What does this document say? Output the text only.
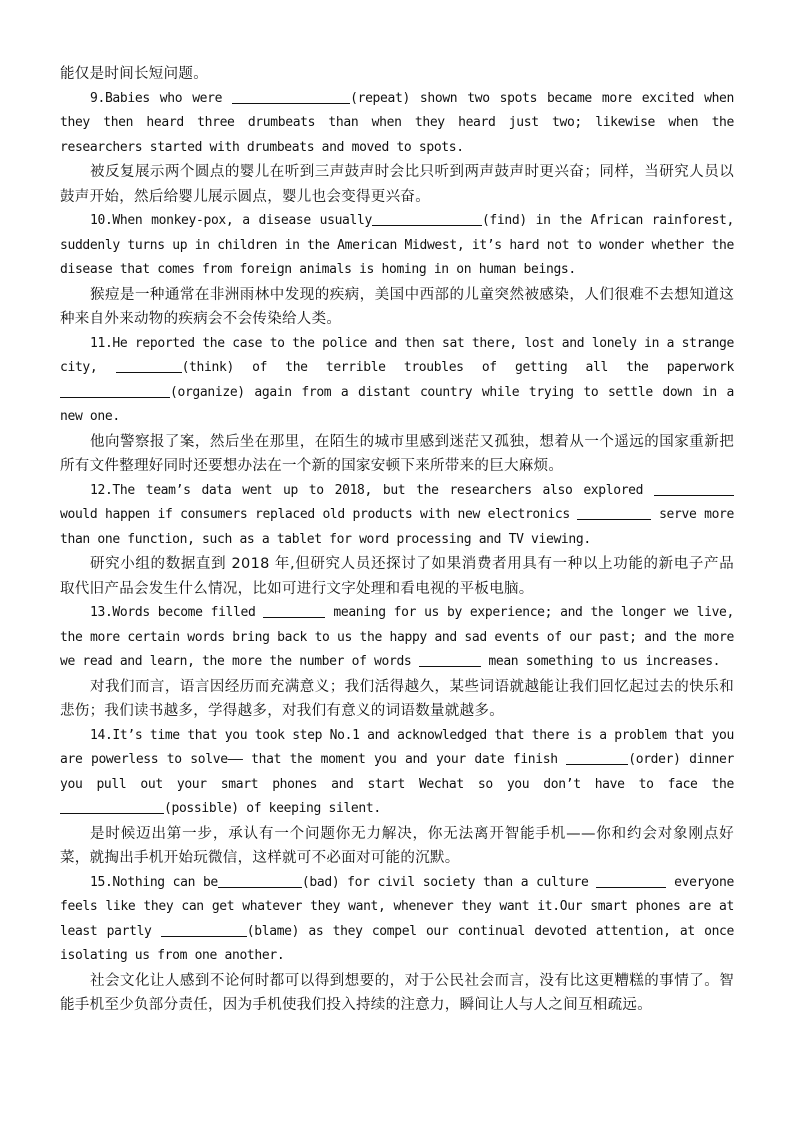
能仅是时间长短问题。

9.Babies who were	(repeat) shown two spots became more excited when they then heard three drumbeats than when they heard just two; likewise when the researchers started with drumbeats and moved to spots.

被反复展示两个圆点的婴儿在听到三声鼓声时会比只听到两声鼓声时更兴奋；同样，当研究人员以鼓声开始，然后给婴儿展示圆点，婴儿也会变得更兴奋。

10.When monkey-pox, a disease usually	(find) in the African rainforest, suddenly turns up in children in the American Midwest, it’s hard not to wonder whether the disease that comes from foreign animals is homing in on human beings.

猴痘是一种通常在非洲雨林中发现的疾病，美国中西部的儿童突然被感染，人们很难不去想知道这种来自外来动物的疾病会不会传染给人类。

11.He reported the case to the police and then sat there, lost and lonely in a strange city,	(think) of the terrible troubles of getting all the paperwork (organize) again from a distant country while trying to settle down in a new one.

他向警察报了案，然后坐在那里，在陌生的城市里感到迷茫又孤独，想着从一个遥远的国家重新把所有文件整理好同时还要想办法在一个新的国家安顿下来所带来的巨大麻烦。

12.The team’s data went up to 2018, but the researchers also explored  would happen if consumers replaced old products with new electronics	serve more than one function, such as a tablet for word processing and TV viewing.

研究小组的数据直到 2018 年,但研究人员还探讨了如果消费者用具有一种以上功能的新电子产品取代旧产品会发生什么情况，比如可进行文字处理和看电视的平板电脑。

13.Words become filled	meaning for us by experience; and the longer we live, the more certain words bring back to us the happy and sad events of our past; and the more we read and learn, the more the number of words	mean something to us increases.

对我们而言，语言因经历而充满意义；我们活得越久，某些词语就越能让我们回忆起过去的快乐和悲伤；我们读书越多，学得越多，对我们有意义的词语数量就越多。

14.It’s time that you took step No.1 and acknowledged that there is a problem that you are powerless to solve—— that the moment you and your date finish	(order) dinner you pull out your smart phones and start Wechat so you don’t have to face the (possible) of keeping silent.

是时候迈出第一步，承认有一个问题你无力解决，你无法离开智能手机——你和约会对象刚点好菜，就掏出手机开始玩微信，这样就可不必面对可能的沉默。

15.Nothing can be	(bad) for civil society than a culture	everyone feels like they can get whatever they want, whenever they want it.Our smart phones are at least partly	(blame) as they compel our continual devoted attention, at once isolating us from one another.

社会文化让人感到不论何时都可以得到想要的，对于公民社会而言，没有比这更糟糕的事情了。智能手机至少负部分责任，因为手机使我们投入持续的注意力，瞬间让人与人之间互相疏远。
